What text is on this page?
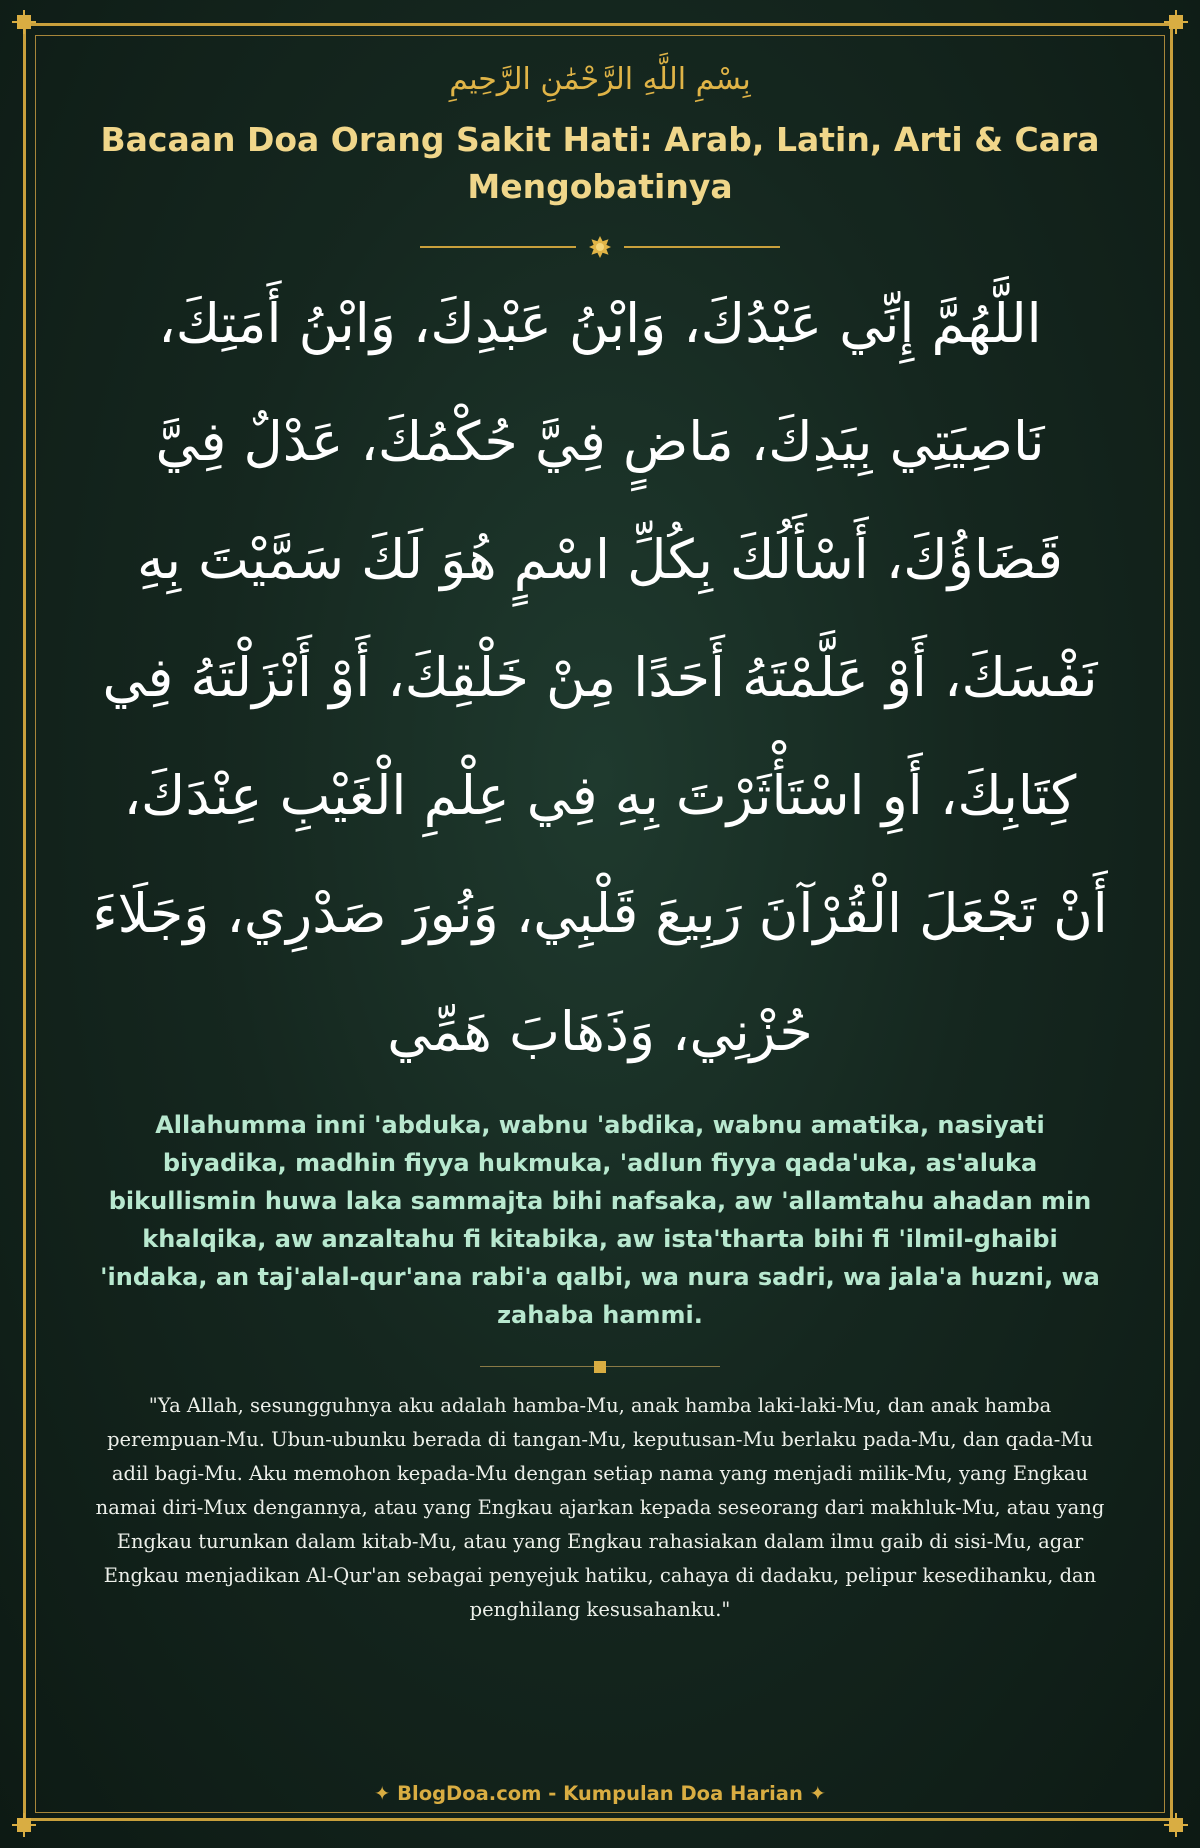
بِسْمِ اللَّهِ الرَّحْمَٰنِ الرَّحِيمِ
Bacaan Doa Orang Sakit Hati: Arab, Latin, Arti & Cara Mengobatinya
اللَّهُمَّ إِنِّي عَبْدُكَ، وَابْنُ عَبْدِكَ، وَابْنُ أَمَتِكَ، نَاصِيَتِي بِيَدِكَ، مَاضٍ فِيَّ حُكْمُكَ، عَدْلٌ فِيَّ قَضَاؤُكَ، أَسْأَلُكَ بِكُلِّ اسْمٍ هُوَ لَكَ سَمَّيْتَ بِهِ نَفْسَكَ، أَوْ عَلَّمْتَهُ أَحَدًا مِنْ خَلْقِكَ، أَوْ أَنْزَلْتَهُ فِي كِتَابِكَ، أَوِ اسْتَأْثَرْتَ بِهِ فِي عِلْمِ الْغَيْبِ عِنْدَكَ، أَنْ تَجْعَلَ الْقُرْآنَ رَبِيعَ قَلْبِي، وَنُورَ صَدْرِي، وَجَلَاءَ حُزْنِي، وَذَهَابَ هَمِّي
Allahumma inni 'abduka, wabnu 'abdika, wabnu amatika, nasiyati biyadika, madhin fiyya hukmuka, 'adlun fiyya qada'uka, as'aluka bikullismin huwa laka sammajta bihi nafsaka, aw 'allamtahu ahadan min khalqika, aw anzaltahu fi kitabika, aw ista'tharta bihi fi 'ilmil-ghaibi 'indaka, an taj'alal-qur'ana rabi'a qalbi, wa nura sadri, wa jala'a huzni, wa zahaba hammi.
"Ya Allah, sesungguhnya aku adalah hamba-Mu, anak hamba laki-laki-Mu, dan anak hamba perempuan-Mu. Ubun-ubunku berada di tangan-Mu, keputusan-Mu berlaku pada-Mu, dan qada-Mu adil bagi-Mu. Aku memohon kepada-Mu dengan setiap nama yang menjadi milik-Mu, yang Engkau namai diri-Mux dengannya, atau yang Engkau ajarkan kepada seseorang dari makhluk-Mu, atau yang Engkau turunkan dalam kitab-Mu, atau yang Engkau rahasiakan dalam ilmu gaib di sisi-Mu, agar Engkau menjadikan Al-Qur'an sebagai penyejuk hatiku, cahaya di dadaku, pelipur kesedihanku, dan penghilang kesusahanku."
✦ BlogDoa.com - Kumpulan Doa Harian ✦
